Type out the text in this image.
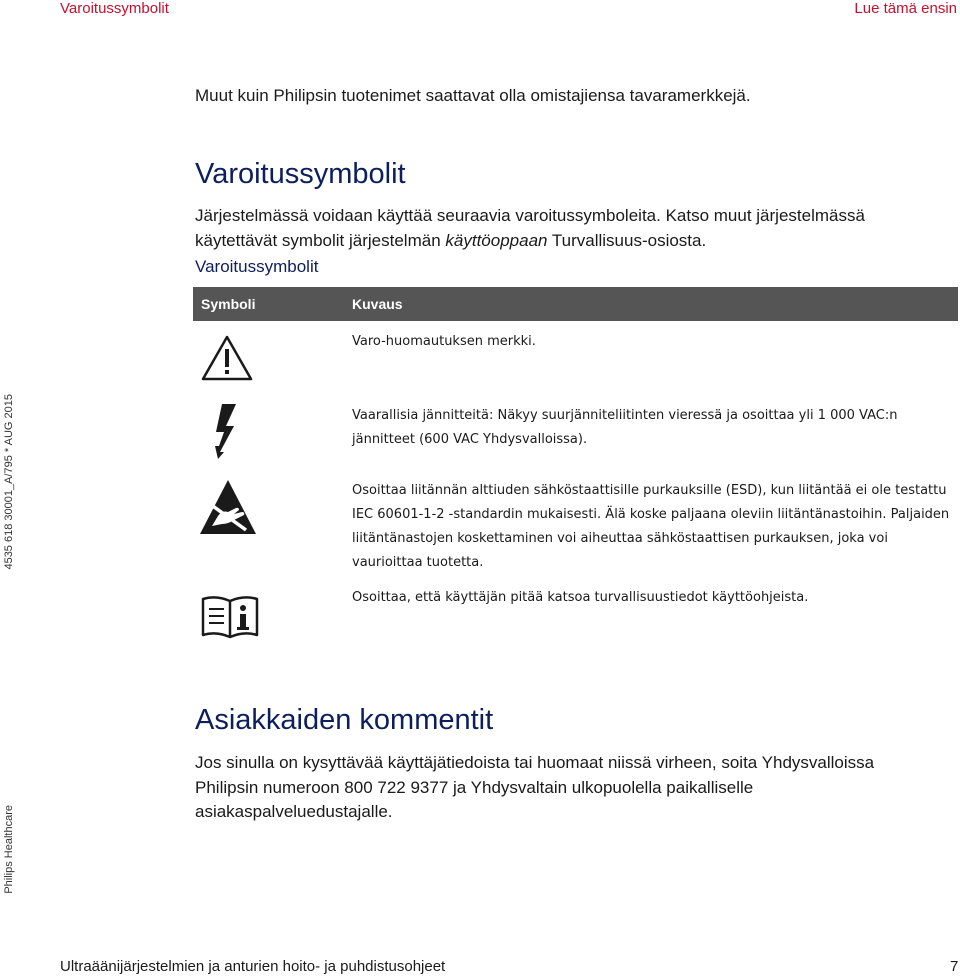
Varoitussymbolit	Lue tämä ensin
Muut kuin Philipsin tuotenimet saattavat olla omistajiensa tavaramerkkejä.
Varoitussymbolit
Järjestelmässä voidaan käyttää seuraavia varoitussymboleita. Katso muut järjestelmässä käytettävät symbolit järjestelmän käyttöoppaan Turvallisuus-osiosta.
Varoitussymbolit
Symboli	Kuvaus
Varo-huomautuksen merkki.
Vaarallisia jännitteitä: Näkyy suurjänniteliitinten vieressä ja osoittaa yli 1 000 VAC:n jännitteet (600 VAC Yhdysvalloissa).
Osoittaa liitännän alttiuden sähköstaattisille purkauksille (ESD), kun liitäntää ei ole testattu IEC 60601-1-2 -standardin mukaisesti. Älä koske paljaana oleviin liitäntänastoihin. Paljaiden liitäntänastojen koskettaminen voi aiheuttaa sähköstaattisen purkauksen, joka voi vaurioittaa tuotetta.
Osoittaa, että käyttäjän pitää katsoa turvallisuustiedot käyttöohjeista.
Asiakkaiden kommentit
Jos sinulla on kysyttävää käyttäjätiedoista tai huomaat niissä virheen, soita Yhdysvalloissa Philipsin numeroon 800 722 9377 ja Yhdysvaltain ulkopuolella paikalliselle asiakaspalveluedustajalle.
4535 618 30001_A/795 * AUG 2015
Philips Healthcare
Ultraäänijärjestelmien ja anturien hoito- ja puhdistusohjeet	7
